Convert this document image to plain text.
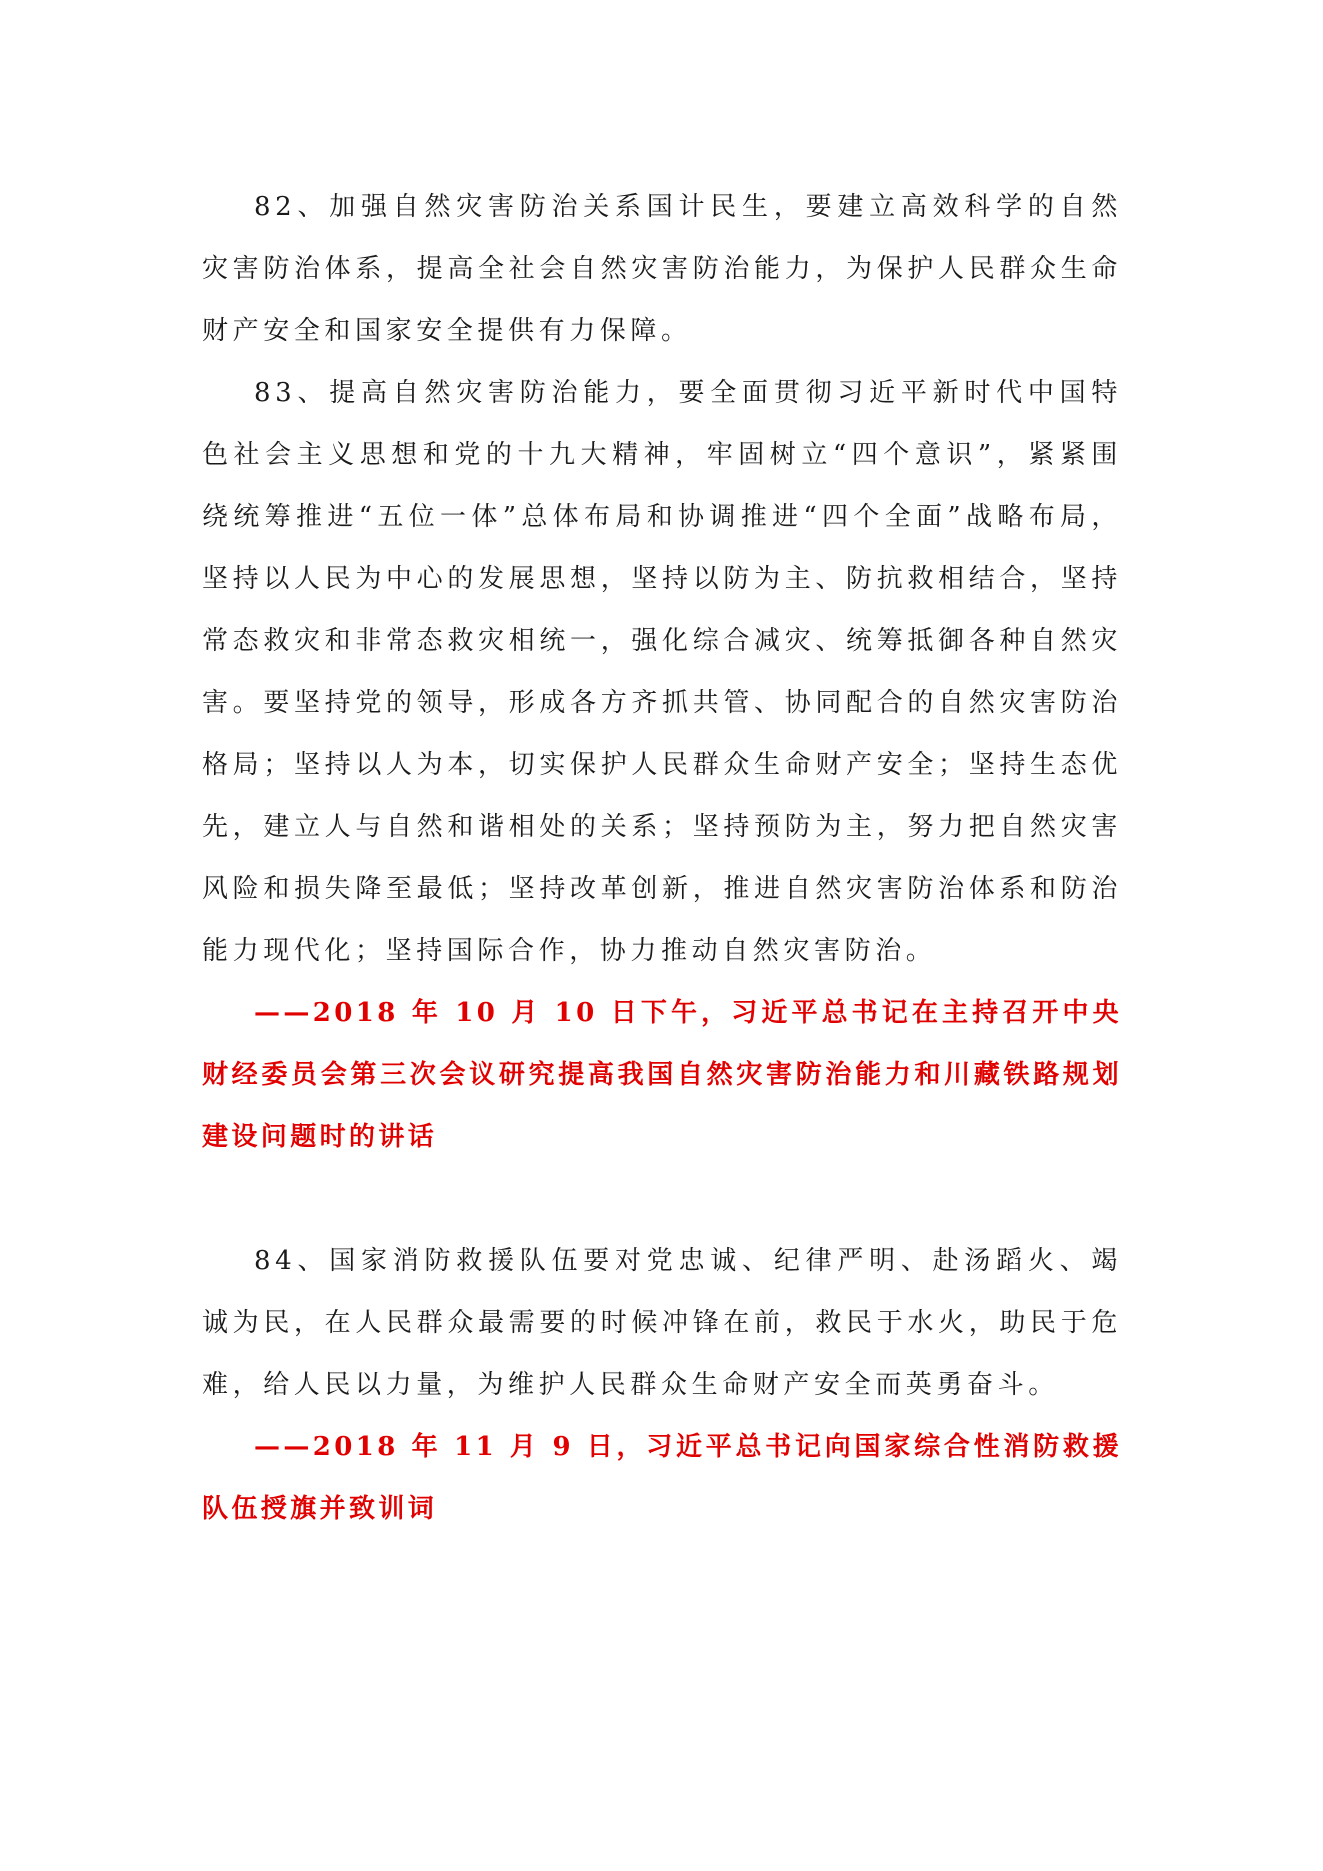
82、加强自然灾害防治关系国计民生，要建立高效科学的自然灾害防治体系，提高全社会自然灾害防治能力，为保护人民群众生命财产安全和国家安全提供有力保障。

83、提高自然灾害防治能力，要全面贯彻习近平新时代中国特色社会主义思想和党的十九大精神，牢固树立“四个意识”，紧紧围绕统筹推进“五位一体”总体布局和协调推进“四个全面”战略布局，坚持以人民为中心的发展思想，坚持以防为主、防抗救相结合，坚持常态救灾和非常态救灾相统一，强化综合减灾、统筹抵御各种自然灾害。要坚持党的领导，形成各方齐抓共管、协同配合的自然灾害防治格局；坚持以人为本，切实保护人民群众生命财产安全；坚持生态优先，建立人与自然和谐相处的关系；坚持预防为主，努力把自然灾害风险和损失降至最低；坚持改革创新，推进自然灾害防治体系和防治能力现代化；坚持国际合作，协力推动自然灾害防治。

——2018 年 10 月 10 日下午，习近平总书记在主持召开中央财经委员会第三次会议研究提高我国自然灾害防治能力和川藏铁路规划建设问题时的讲话

84、国家消防救援队伍要对党忠诚、纪律严明、赴汤蹈火、竭诚为民，在人民群众最需要的时候冲锋在前，救民于水火，助民于危难，给人民以力量，为维护人民群众生命财产安全而英勇奋斗。

——2018 年 11 月 9 日，习近平总书记向国家综合性消防救援队伍授旗并致训词
